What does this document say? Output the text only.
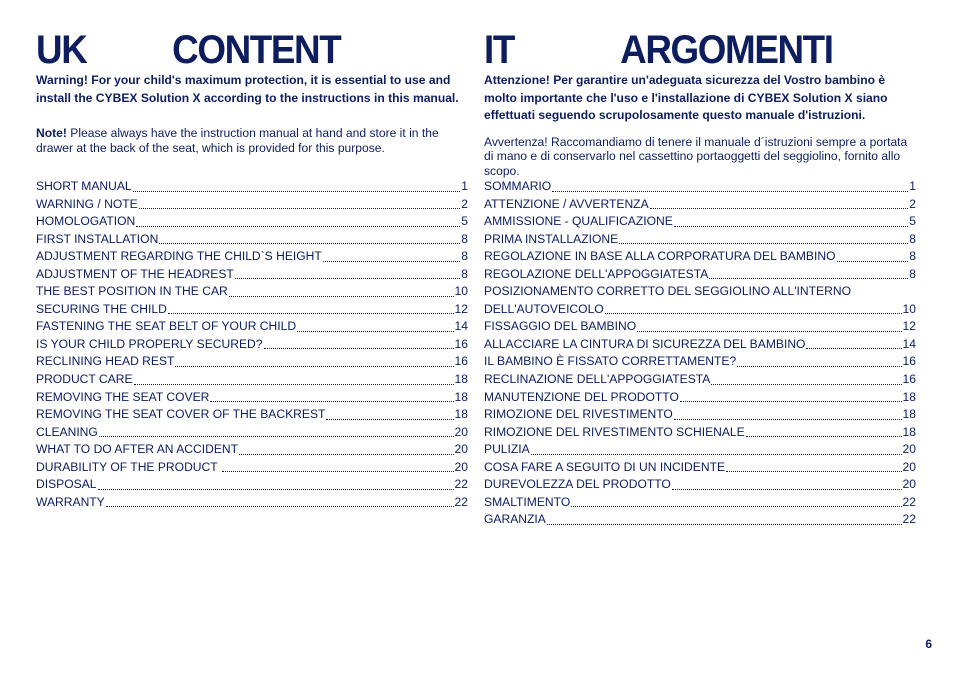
UK	CONTENT

Warning! For your child's maximum protection, it is essential to use and install the CYBEX Solution X according to the instructions in this manual.

Note! Please always have the instruction manual at hand and store it in the drawer at the back of the seat, which is provided for this purpose.

IT	ARGOMENTI

Attenzione! Per garantire un'adeguata sicurezza del Vostro bambino è molto importante che l'uso e l'installazione di CYBEX Solution X siano effettuati seguendo scrupolosamente questo manuale d'istruzioni.

Avvertenza! Raccomandiamo di tenere il manuale d´istruzioni sempre a portata di mano e di conservarlo nel cassettino portaoggetti del seggiolino, fornito allo scopo.

SHORT MANUAL	1
WARNING / NOTE	2
HOMOLOGATION	5
FIRST INSTALLATION	8
ADJUSTMENT REGARDING THE CHILD`S HEIGHT	8
ADJUSTMENT OF THE HEADREST	8
THE BEST POSITION IN THE CAR	10
SECURING THE CHILD	12
FASTENING THE SEAT BELT OF YOUR CHILD	14
IS YOUR CHILD PROPERLY SECURED?	16
RECLINING HEAD REST	16
PRODUCT CARE	18
REMOVING THE SEAT COVER	18
REMOVING THE SEAT COVER OF THE BACKREST	18
CLEANING	20
WHAT TO DO AFTER AN ACCIDENT	20
DURABILITY OF THE PRODUCT	20
DISPOSAL	22
WARRANTY	22
SOMMARIO	1
ATTENZIONE / AVVERTENZA	2
AMMISSIONE - QUALIFICAZIONE	5
PRIMA INSTALLAZIONE	8
REGOLAZIONE IN BASE ALLA CORPORATURA DEL BAMBINO	8
REGOLAZIONE DELL'APPOGGIATESTA	8
POSIZIONAMENTO CORRETTO DEL SEGGIOLINO ALL'INTERNO
DELL'AUTOVEICOLO	10
FISSAGGIO DEL BAMBINO	12
ALLACCIARE LA CINTURA DI SICUREZZA DEL BAMBINO	14
IL BAMBINO È FISSATO CORRETTAMENTE?	16
RECLINAZIONE DELL'APPOGGIATESTA	16
MANUTENZIONE DEL PRODOTTO	18
RIMOZIONE DEL RIVESTIMENTO	18
RIMOZIONE DEL RIVESTIMENTO SCHIENALE	18
PULIZIA	20
COSA FARE A SEGUITO DI UN INCIDENTE	20
DUREVOLEZZA DEL PRODOTTO	20
SMALTIMENTO	22
GARANZIA	22
6
